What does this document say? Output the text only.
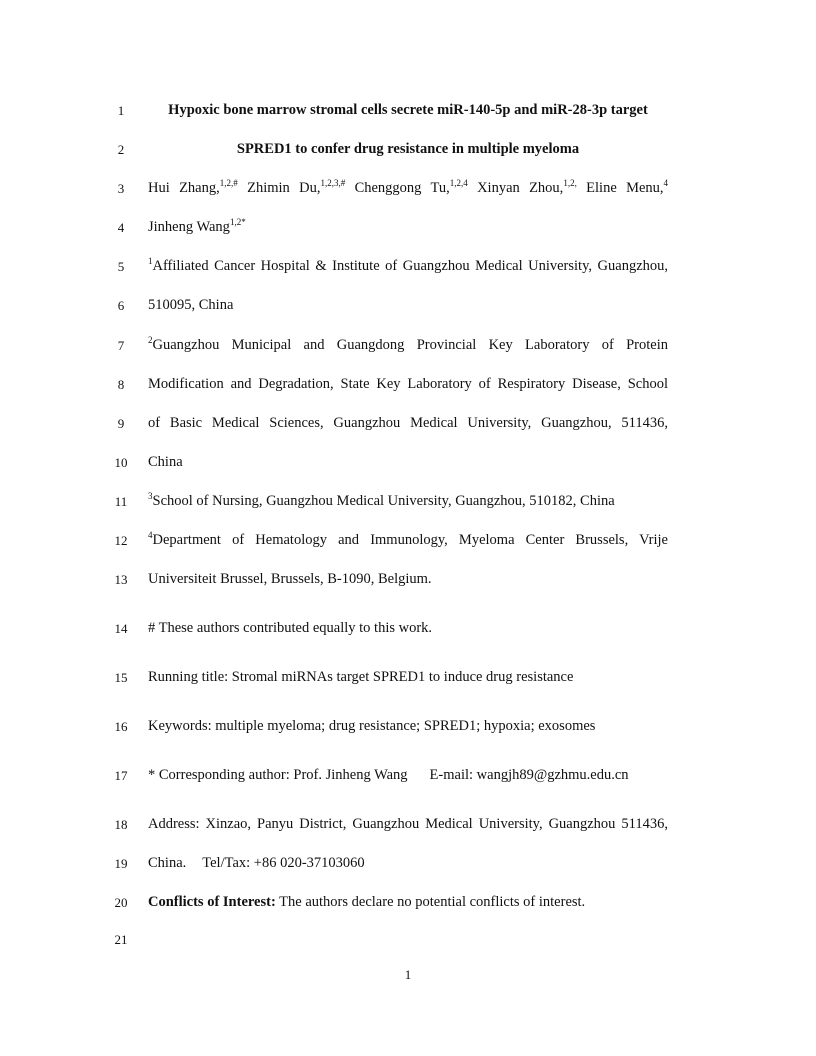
1
2
3
4
5
6
7
8
9
10
11
12
13
14
15
16
17
18
19
20
21
Hypoxic bone marrow stromal cells secrete miR-140-5p and miR-28-3p target
SPRED1 to confer drug resistance in multiple myeloma
Hui Zhang,$^{1,2,\#}$ Zhimin Du,$^{1,2,3,\#}$ Chenggong Tu,$^{1,2,4}$ Xinyan Zhou,$^{1,2,}$ Eline Menu,$^4$
Jinheng Wang$^{1,2*}$
$^1$Affiliated Cancer Hospital & Institute of Guangzhou Medical University, Guangzhou,
510095, China
$^2$Guangzhou Municipal and Guangdong Provincial Key Laboratory of Protein
Modification and Degradation, State Key Laboratory of Respiratory Disease, School
of Basic Medical Sciences, Guangzhou Medical University, Guangzhou, 511436,
China
$^3$School of Nursing, Guangzhou Medical University, Guangzhou, 510182, China
$^4$Department of Hematology and Immunology, Myeloma Center Brussels, Vrije
Universiteit Brussel, Brussels, B-1090, Belgium.
# These authors contributed equally to this work.
Running title: Stromal miRNAs target SPRED1 to induce drug resistance
Keywords: multiple myeloma; drug resistance; SPRED1; hypoxia; exosomes
* Corresponding author: Prof. Jinheng Wang E-mail: wangjh89@gzhmu.edu.cn
Address: Xinzao, Panyu District, Guangzhou Medical University, Guangzhou 511436,
China. Tel/Tax: +86 020-37103060
Conflicts of Interest: The authors declare no potential conflicts of interest.
1
